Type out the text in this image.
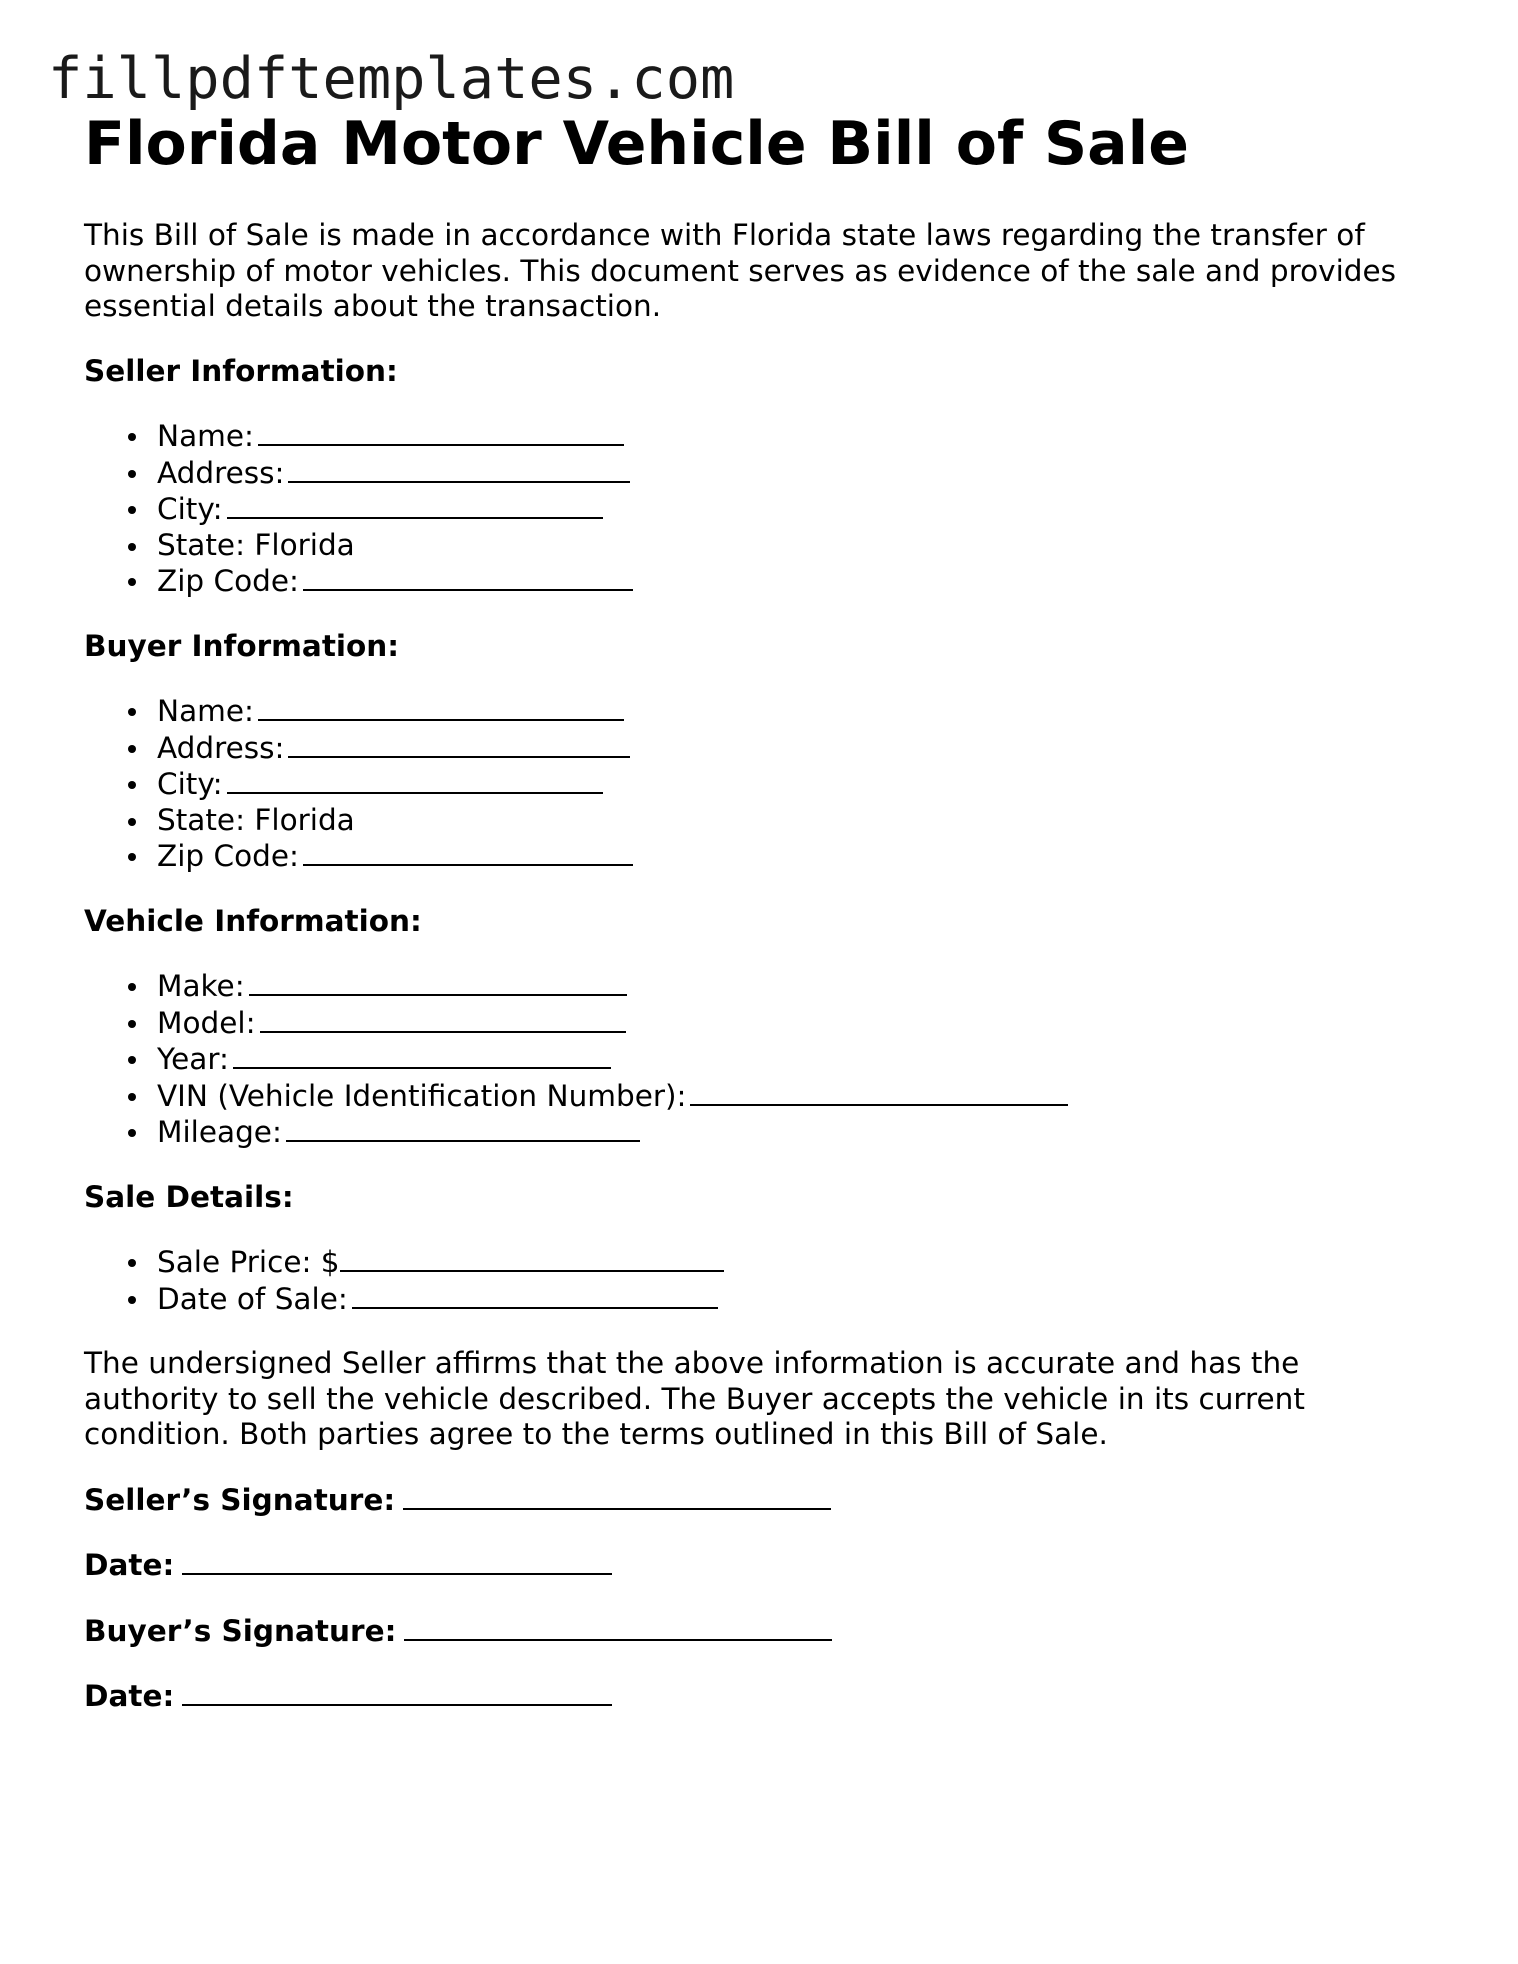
fillpdftemplates.com
Florida Motor Vehicle Bill of Sale

This Bill of Sale is made in accordance with Florida state laws regarding the transfer of ownership of motor vehicles. This document serves as evidence of the sale and provides essential details about the transaction.

Seller Information:

Name:
Address:
City:
State: Florida
Zip Code:

Buyer Information:

Name:
Address:
City:
State: Florida
Zip Code:

Vehicle Information:

Make:
Model:
Year:
VIN (Vehicle Identification Number):
Mileage:

Sale Details:

Sale Price: $
Date of Sale:

The undersigned Seller affirms that the above information is accurate and has the authority to sell the vehicle described. The Buyer accepts the vehicle in its current condition. Both parties agree to the terms outlined in this Bill of Sale.

Seller’s Signature:

Date:

Buyer’s Signature:

Date:
